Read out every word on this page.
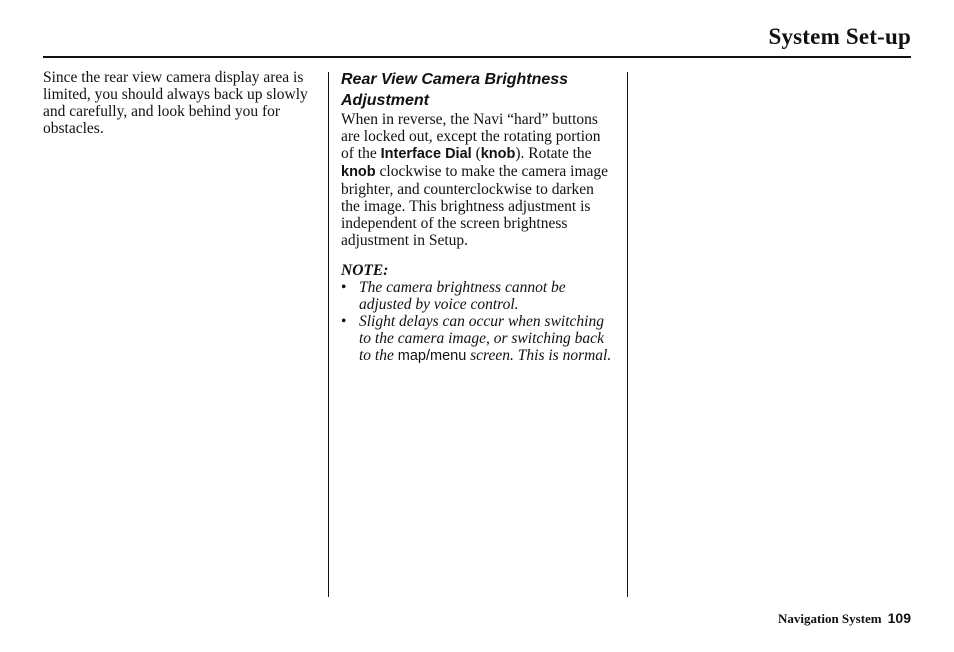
System Set-up

Since the rear view camera display area is limited, you should always back up slowly and carefully, and look behind you for obstacles.

Rear View Camera Brightness Adjustment

When in reverse, the Navi “hard” buttons are locked out, except the rotating portion of the Interface Dial (knob). Rotate the knob clockwise to make the camera image brighter, and counterclockwise to darken the image. This brightness adjustment is independent of the screen brightness adjustment in Setup.

NOTE:
• The camera brightness cannot be adjusted by voice control.
• Slight delays can occur when switching to the camera image, or switching back to the map/menu screen. This is normal.
Navigation System 109
